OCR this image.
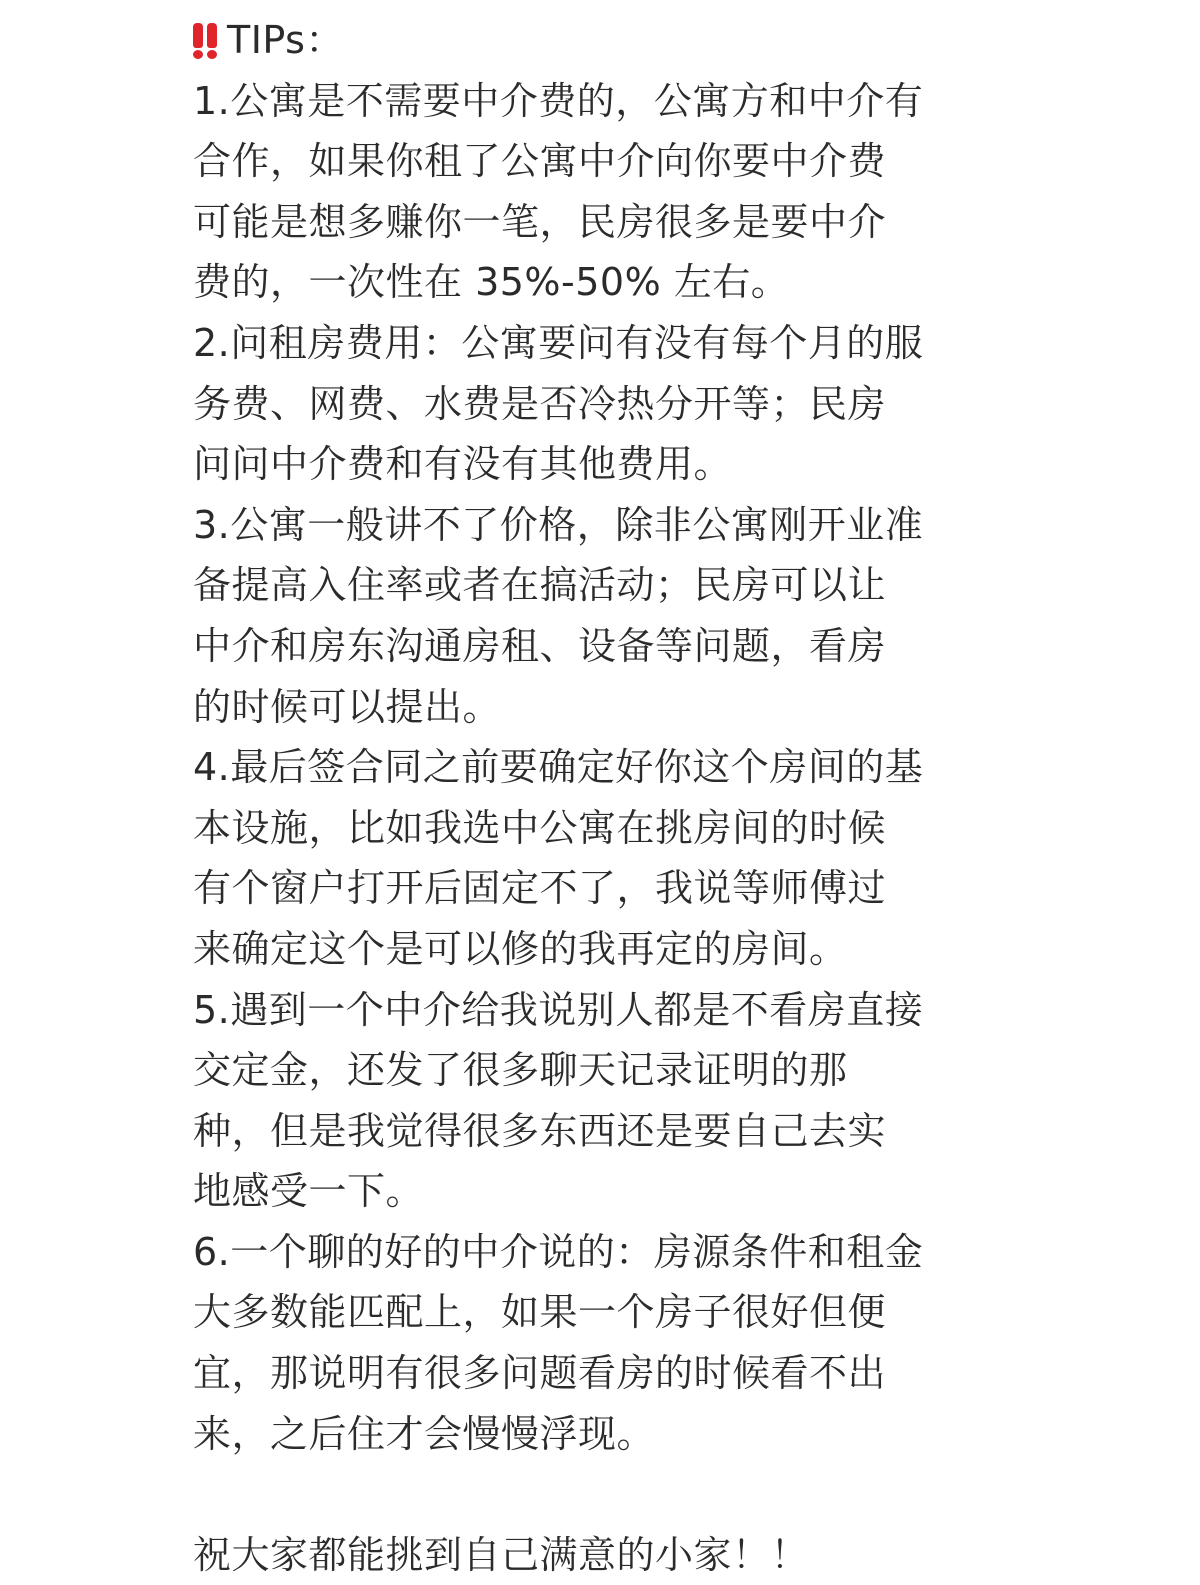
TIPs：
1.公寓是不需要中介费的，公寓方和中介有
合作，如果你租了公寓中介向你要中介费
可能是想多赚你一笔，民房很多是要中介
费的，一次性在 35%-50% 左右。
2.问租房费用：公寓要问有没有每个月的服
务费、网费、水费是否冷热分开等；民房
问问中介费和有没有其他费用。
3.公寓一般讲不了价格，除非公寓刚开业准
备提高入住率或者在搞活动；民房可以让
中介和房东沟通房租、设备等问题，看房
的时候可以提出。
4.最后签合同之前要确定好你这个房间的基
本设施，比如我选中公寓在挑房间的时候
有个窗户打开后固定不了，我说等师傅过
来确定这个是可以修的我再定的房间。
5.遇到一个中介给我说别人都是不看房直接
交定金，还发了很多聊天记录证明的那
种，但是我觉得很多东西还是要自己去实
地感受一下。
6.一个聊的好的中介说的：房源条件和租金
大多数能匹配上，如果一个房子很好但便
宜，那说明有很多问题看房的时候看不出
来，之后住才会慢慢浮现。
祝大家都能挑到自己满意的小家！！
